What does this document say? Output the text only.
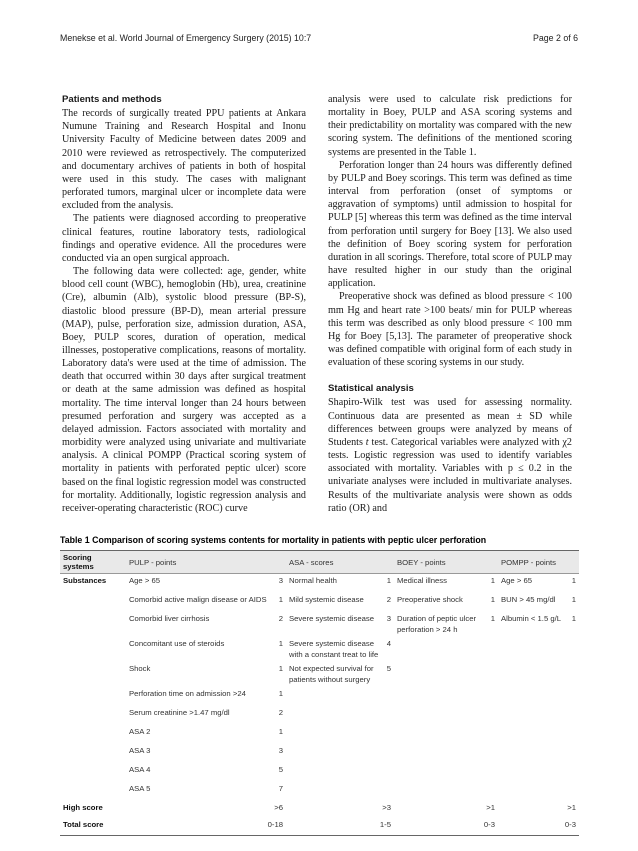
Menekse et al. World Journal of Emergency Surgery (2015) 10:7	Page 2 of 6
Patients and methods

The records of surgically treated PPU patients at Ankara Numune Training and Research Hospital and Inonu University Faculty of Medicine between dates 2009 and 2010 were reviewed as retrospectively. The computerized and documentary archives of patients in both of hospital were used in this study. The cases with malignant perforated tumors, marginal ulcer or incomplete data were excluded from the analysis.

The patients were diagnosed according to preoperative clinical features, routine laboratory tests, radiological findings and operative evidence. All the procedures were conducted via an open surgical approach.

The following data were collected: age, gender, white blood cell count (WBC), hemoglobin (Hb), urea, creatinine (Cre), albumin (Alb), systolic blood pressure (BP-S), diastolic blood pressure (BP-D), mean arterial pressure (MAP), pulse, perforation size, admission duration, ASA, Boey, PULP scores, duration of operation, medical illnesses, postoperative complications, reasons of mortality. Laboratory data's were used at the time of admission. The death that occurred within 30 days after surgical treatment or death at the same admission was defined as hospital mortality. The time interval longer than 24 hours between presumed perforation and surgery was accepted as a delayed admission. Factors associated with mortality and morbidity were analyzed using univariate and multivariate analysis. A clinical POMPP (Practical scoring system of mortality in patients with perforated peptic ulcer) score based on the final logistic regression model was constructed for mortality. Additionally, logistic regression analysis and receiver-operating characteristic (ROC) curve

analysis were used to calculate risk predictions for mortality in Boey, PULP and ASA scoring systems and their predictability on mortality was compared with the new scoring system. The definitions of the mentioned scoring systems are presented in the Table 1.

Perforation longer than 24 hours was differently defined by PULP and Boey scorings. This term was defined as time interval from perforation (onset of symptoms or aggravation of symptoms) until admission to hospital for PULP [5] whereas this term was defined as the time interval from perforation until surgery for Boey [13]. We also used the definition of Boey scoring system for perforation duration in all scorings. Therefore, total score of PULP may have resulted higher in our study than the original application.

Preoperative shock was defined as blood pressure < 100 mm Hg and heart rate >100 beats/ min for PULP whereas this term was described as only blood pressure < 100 mm Hg for Boey [5,13]. The parameter of preoperative shock was defined compatible with original form of each study in evaluation of these scoring systems in our study.

Statistical analysis

Shapiro-Wilk test was used for assessing normality. Continuous data are presented as mean ± SD while differences between groups were analyzed by means of Students t test. Categorical variables were analyzed with χ2 tests. Logistic regression was used to identify variables associated with mortality. Variables with p ≤ 0.2 in the univariate analyses were included in multivariate analyses. Results of the multivariate analysis were shown as odds ratio (OR) and

Table 1 Comparison of scoring systems contents for mortality in patients with peptic ulcer perforation
Scoring systems	PULP - points		ASA - scores		BOEY - points		POMPP - points	
Substances	Age > 65	3	Normal health	1	Medical illness	1	Age > 65	1
	Comorbid active malign disease or AIDS	1	Mild systemic disease	2	Preoperative shock	1	BUN > 45 mg/dl	1
	Comorbid liver cirrhosis	2	Severe systemic disease	3	Duration of peptic ulcer perforation > 24 h	1	Albumin < 1.5 g/L	1
	Concomitant use of steroids	1	Severe systemic disease with a constant treat to life	4				
	Shock	1	Not expected survival for patients without surgery	5				
	Perforation time on admission >24	1						
	Serum creatinine >1.47 mg/dl	2						
	ASA 2	1						
	ASA 3	3						
	ASA 4	5						
	ASA 5	7						
High score	>6		>3		>1		>1	
Total score	0-18		1-5		0-3		0-3	
